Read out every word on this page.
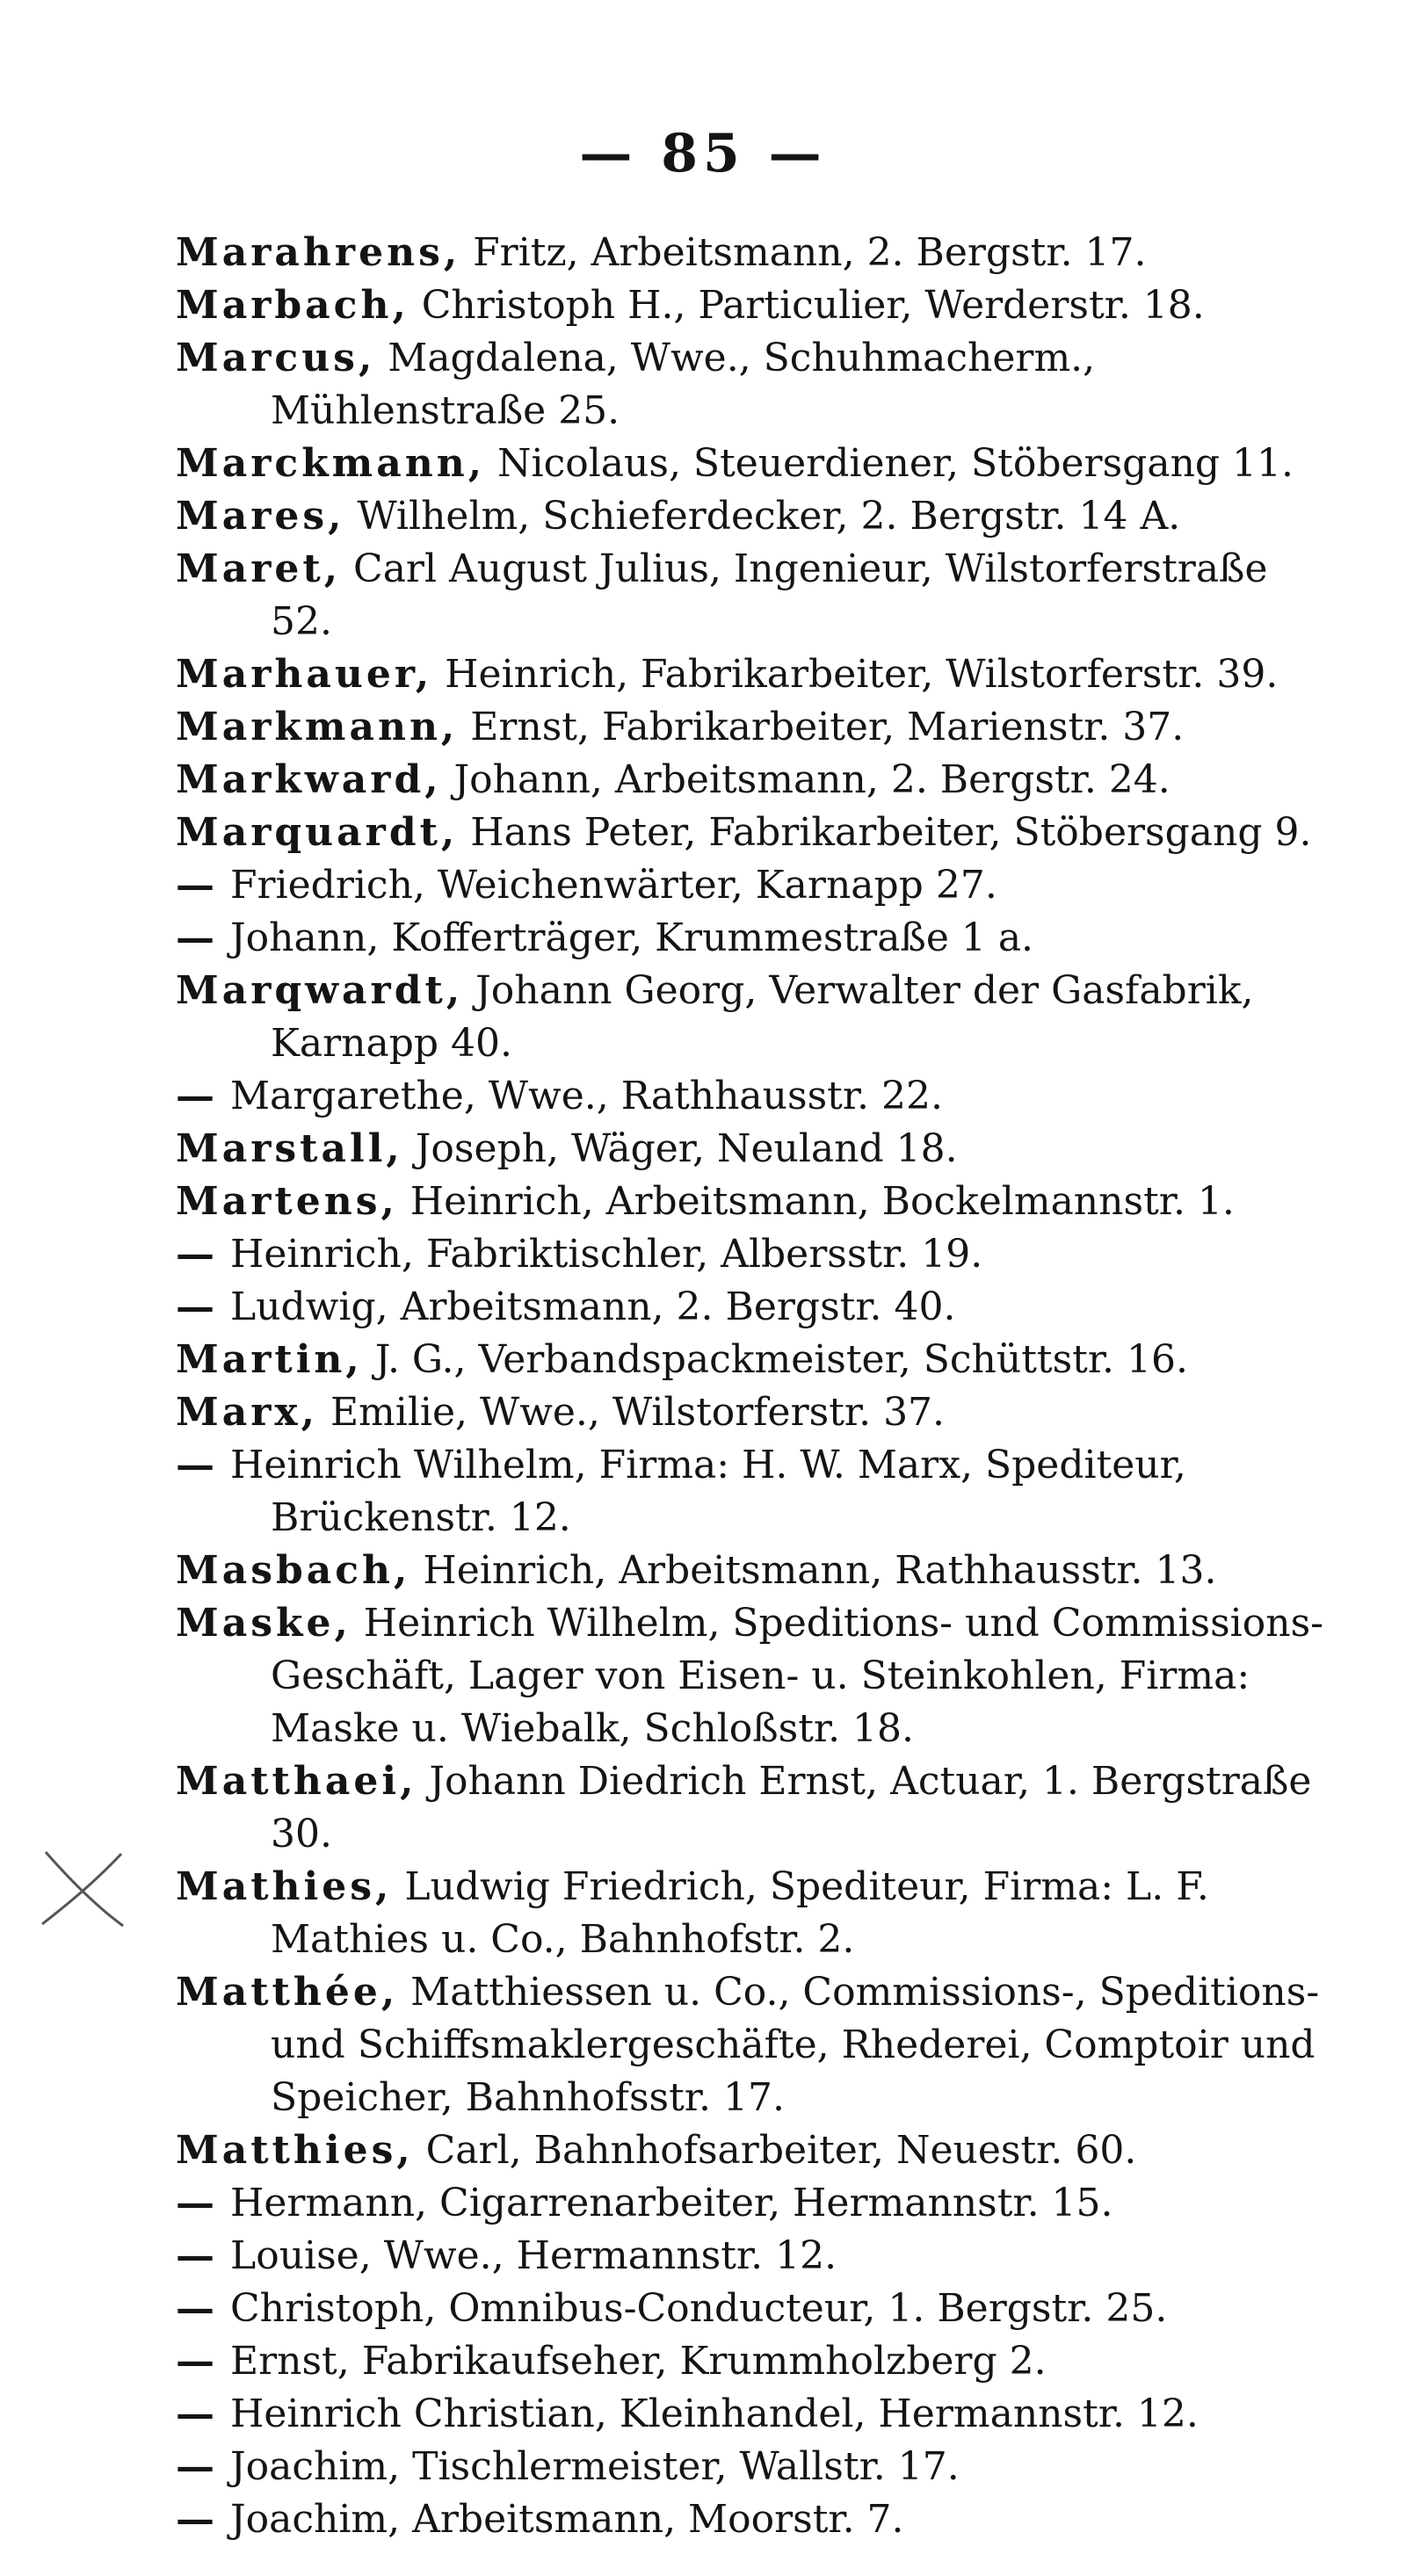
— 85 —

Marahrens, Fritz, Arbeitsmann, 2. Bergstr. 17.

Marbach, Christoph H., Particulier, Werderstr. 18.

Marcus, Magdalena, Wwe., Schuhmacherm., Mühlenstraße 25.

Marckmann, Nicolaus, Steuerdiener, Stöbersgang 11.

Mares, Wilhelm, Schieferdecker, 2. Bergstr. 14 A.

Maret, Carl August Julius, Ingenieur, Wilstorferstraße 52.

Marhauer, Heinrich, Fabrikarbeiter, Wilstorferstr. 39.

Markmann, Ernst, Fabrikarbeiter, Marienstr. 37.

Markward, Johann, Arbeitsmann, 2. Bergstr. 24.

Marquardt, Hans Peter, Fabrikarbeiter, Stöbersgang 9.

— Friedrich, Weichenwärter, Karnapp 27.

— Johann, Kofferträger, Krummestraße 1 a.

Marqwardt, Johann Georg, Verwalter der Gasfabrik, Karnapp 40.

— Margarethe, Wwe., Rathhausstr. 22.

Marstall, Joseph, Wäger, Neuland 18.

Martens, Heinrich, Arbeitsmann, Bockelmannstr. 1.

— Heinrich, Fabriktischler, Albersstr. 19.

— Ludwig, Arbeitsmann, 2. Bergstr. 40.

Martin, J. G., Verbandspackmeister, Schüttstr. 16.

Marx, Emilie, Wwe., Wilstorferstr. 37.

— Heinrich Wilhelm, Firma: H. W. Marx, Spediteur, Brückenstr. 12.

Masbach, Heinrich, Arbeitsmann, Rathhausstr. 13.

Maske, Heinrich Wilhelm, Speditions- und Commissions-Geschäft, Lager von Eisen- u. Steinkohlen, Firma: Maske u. Wiebalk, Schloßstr. 18.

Matthaei, Johann Diedrich Ernst, Actuar, 1. Bergstraße 30.

Mathies, Ludwig Friedrich, Spediteur, Firma: L. F. Mathies u. Co., Bahnhofstr. 2.

Matthée, Matthiessen u. Co., Commissions-, Speditions- und Schiffsmaklergeschäfte, Rhederei, Comptoir und Speicher, Bahnhofsstr. 17.

Matthies, Carl, Bahnhofsarbeiter, Neuestr. 60.

— Hermann, Cigarrenarbeiter, Hermannstr. 15.

— Louise, Wwe., Hermannstr. 12.

— Christoph, Omnibus-Conducteur, 1. Bergstr. 25.

— Ernst, Fabrikaufseher, Krummholzberg 2.

— Heinrich Christian, Kleinhandel, Hermannstr. 12.

— Joachim, Tischlermeister, Wallstr. 17.

— Joachim, Arbeitsmann, Moorstr. 7.
